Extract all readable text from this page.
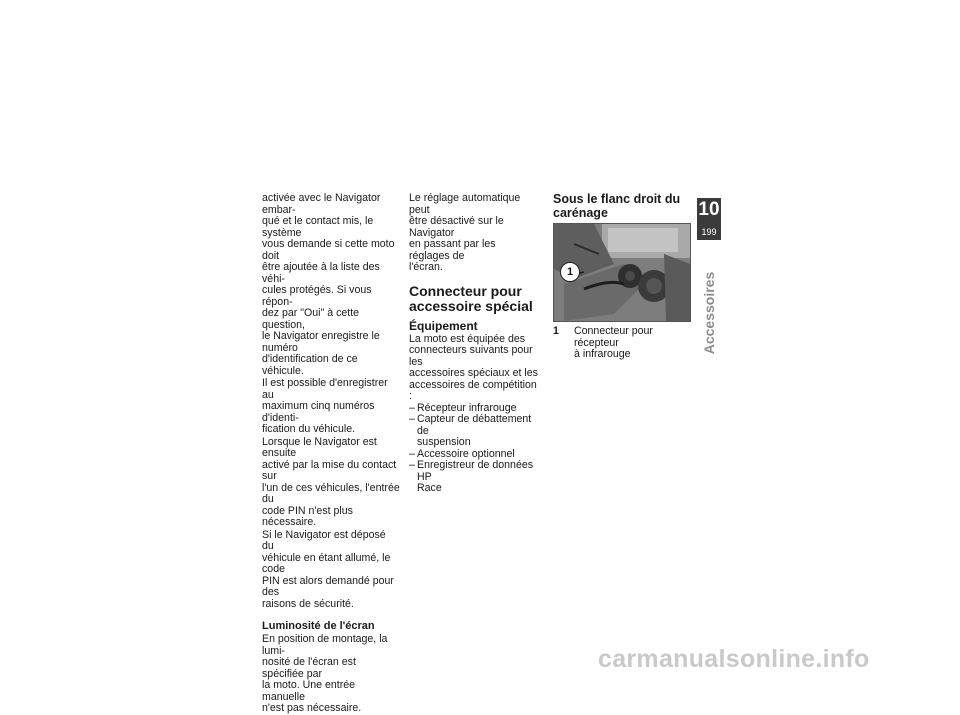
activée avec le Navigator embar-
qué et le contact mis, le système
vous demande si cette moto doit
être ajoutée à la liste des véhi-
cules protégés. Si vous répon-
dez par "Oui" à cette question,
le Navigator enregistre le numéro
d'identification de ce véhicule.

Il est possible d'enregistrer au
maximum cinq numéros d'identi-
fication du véhicule.

Lorsque le Navigator est ensuite
activé par la mise du contact sur
l'un de ces véhicules, l'entrée du
code PIN n'est plus nécessaire.

Si le Navigator est déposé du
véhicule en étant allumé, le code
PIN est alors demandé pour des
raisons de sécurité.

Luminosité de l'écran

En position de montage, la lumi-
nosité de l'écran est spécifiée par
la moto. Une entrée manuelle
n'est pas nécessaire.

Le réglage automatique peut
être désactivé sur le Navigator
en passant par les réglages de
l'écran.

Connecteur pour
accessoire spécial
Équipement

La moto est équipée des
connecteurs suivants pour les
accessoires spéciaux et les
accessoires de compétition :

– Récepteur infrarouge
– Capteur de débattement de
suspension
– Accessoire optionnel
– Enregistreur de données HP
Race
Sous le flanc droit du
carénage
1
1	Connecteur pour récepteur
à infrarouge
10
199
Accessoires
carmanualsonline.info
